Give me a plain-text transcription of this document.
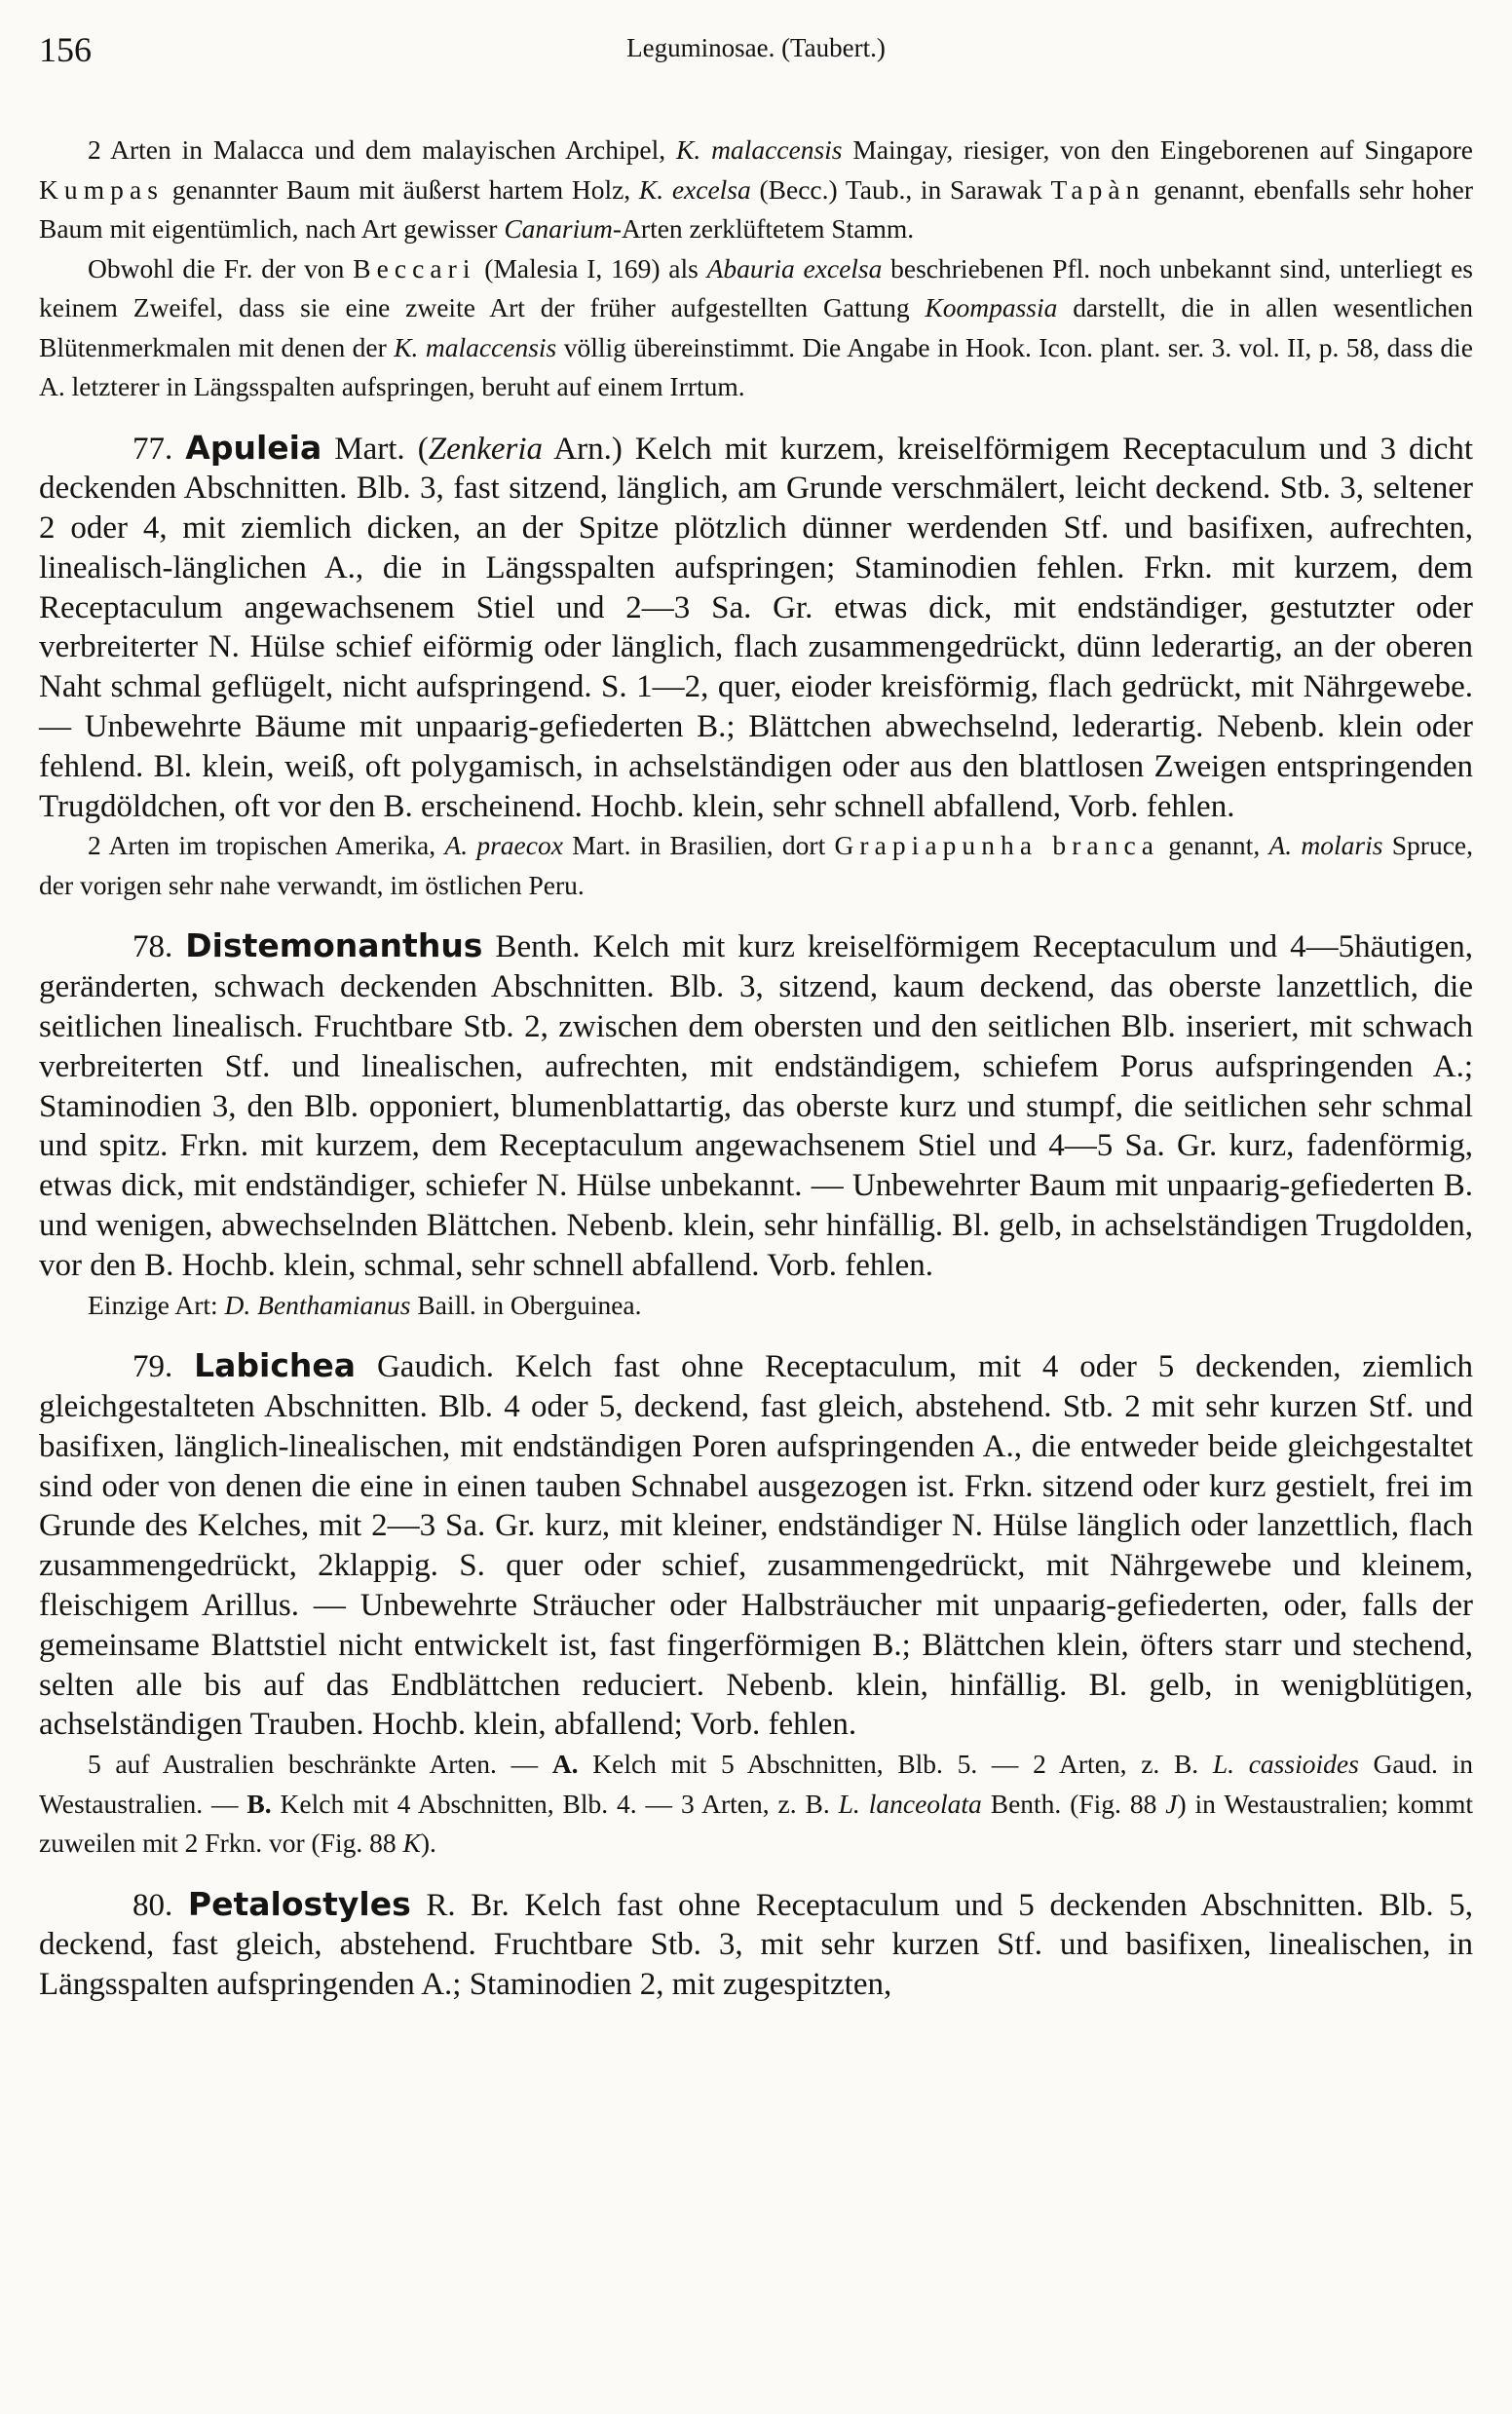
156	Leguminosae. (Taubert.)

2 Arten in Malacca und dem malayischen Archipel, K. malaccensis Maingay, riesiger, von den Eingeborenen auf Singapore Kumpas genannter Baum mit äußerst hartem Holz, K. excelsa (Becc.) Taub., in Sarawak Tapàn genannt, ebenfalls sehr hoher Baum mit eigentümlich, nach Art gewisser Canarium-Arten zerklüftetem Stamm.

Obwohl die Fr. der von Beccari (Malesia I, 169) als Abauria excelsa beschriebenen Pfl. noch unbekannt sind, unterliegt es keinem Zweifel, dass sie eine zweite Art der früher aufgestellten Gattung Koompassia darstellt, die in allen wesentlichen Blütenmerkmalen mit denen der K. malaccensis völlig übereinstimmt. Die Angabe in Hook. Icon. plant. ser. 3. vol. II, p. 58, dass die A. letzterer in Längsspalten aufspringen, beruht auf einem Irrtum.

77. Apuleia Mart. (Zenkeria Arn.) Kelch mit kurzem, kreiselförmigem Receptaculum und 3 dicht deckenden Abschnitten. Blb. 3, fast sitzend, länglich, am Grunde verschmälert, leicht deckend. Stb. 3, seltener 2 oder 4, mit ziemlich dicken, an der Spitze plötzlich dünner werdenden Stf. und basifixen, aufrechten, linealisch-länglichen A., die in Längsspalten aufspringen; Staminodien fehlen. Frkn. mit kurzem, dem Receptaculum angewachsenem Stiel und 2—3 Sa. Gr. etwas dick, mit endständiger, gestutzter oder verbreiterter N. Hülse schief eiförmig oder länglich, flach zusammengedrückt, dünn lederartig, an der oberen Naht schmal geflügelt, nicht aufspringend. S. 1—2, quer, eioder kreisförmig, flach gedrückt, mit Nährgewebe. — Unbewehrte Bäume mit unpaarig-gefiederten B.; Blättchen abwechselnd, lederartig. Nebenb. klein oder fehlend. Bl. klein, weiß, oft polygamisch, in achselständigen oder aus den blattlosen Zweigen entspringenden Trugdöldchen, oft vor den B. erscheinend. Hochb. klein, sehr schnell abfallend, Vorb. fehlen.

2 Arten im tropischen Amerika, A. praecox Mart. in Brasilien, dort Grapiapunha branca genannt, A. molaris Spruce, der vorigen sehr nahe verwandt, im östlichen Peru.

78. Distemonanthus Benth. Kelch mit kurz kreiselförmigem Receptaculum und 4—5häutigen, geränderten, schwach deckenden Abschnitten. Blb. 3, sitzend, kaum deckend, das oberste lanzettlich, die seitlichen linealisch. Fruchtbare Stb. 2, zwischen dem obersten und den seitlichen Blb. inseriert, mit schwach verbreiterten Stf. und linealischen, aufrechten, mit endständigem, schiefem Porus aufspringenden A.; Staminodien 3, den Blb. opponiert, blumenblattartig, das oberste kurz und stumpf, die seitlichen sehr schmal und spitz. Frkn. mit kurzem, dem Receptaculum angewachsenem Stiel und 4—5 Sa. Gr. kurz, fadenförmig, etwas dick, mit endständiger, schiefer N. Hülse unbekannt. — Unbewehrter Baum mit unpaarig-gefiederten B. und wenigen, abwechselnden Blättchen. Nebenb. klein, sehr hinfällig. Bl. gelb, in achselständigen Trugdolden, vor den B. Hochb. klein, schmal, sehr schnell abfallend. Vorb. fehlen.

Einzige Art: D. Benthamianus Baill. in Oberguinea.

79. Labichea Gaudich. Kelch fast ohne Receptaculum, mit 4 oder 5 deckenden, ziemlich gleichgestalteten Abschnitten. Blb. 4 oder 5, deckend, fast gleich, abstehend. Stb. 2 mit sehr kurzen Stf. und basifixen, länglich-linealischen, mit endständigen Poren aufspringenden A., die entweder beide gleichgestaltet sind oder von denen die eine in einen tauben Schnabel ausgezogen ist. Frkn. sitzend oder kurz gestielt, frei im Grunde des Kelches, mit 2—3 Sa. Gr. kurz, mit kleiner, endständiger N. Hülse länglich oder lanzettlich, flach zusammengedrückt, 2klappig. S. quer oder schief, zusammengedrückt, mit Nährgewebe und kleinem, fleischigem Arillus. — Unbewehrte Sträucher oder Halbsträucher mit unpaarig-gefiederten, oder, falls der gemeinsame Blattstiel nicht entwickelt ist, fast fingerförmigen B.; Blättchen klein, öfters starr und stechend, selten alle bis auf das Endblättchen reduciert. Nebenb. klein, hinfällig. Bl. gelb, in wenigblütigen, achselständigen Trauben. Hochb. klein, abfallend; Vorb. fehlen.

5 auf Australien beschränkte Arten. — A. Kelch mit 5 Abschnitten, Blb. 5. — 2 Arten, z. B. L. cassioides Gaud. in Westaustralien. — B. Kelch mit 4 Abschnitten, Blb. 4. — 3 Arten, z. B. L. lanceolata Benth. (Fig. 88 J) in Westaustralien; kommt zuweilen mit 2 Frkn. vor (Fig. 88 K).

80. Petalostyles R. Br. Kelch fast ohne Receptaculum und 5 deckenden Abschnitten. Blb. 5, deckend, fast gleich, abstehend. Fruchtbare Stb. 3, mit sehr kurzen Stf. und basifixen, linealischen, in Längsspalten aufspringenden A.; Staminodien 2, mit zugespitzten,
